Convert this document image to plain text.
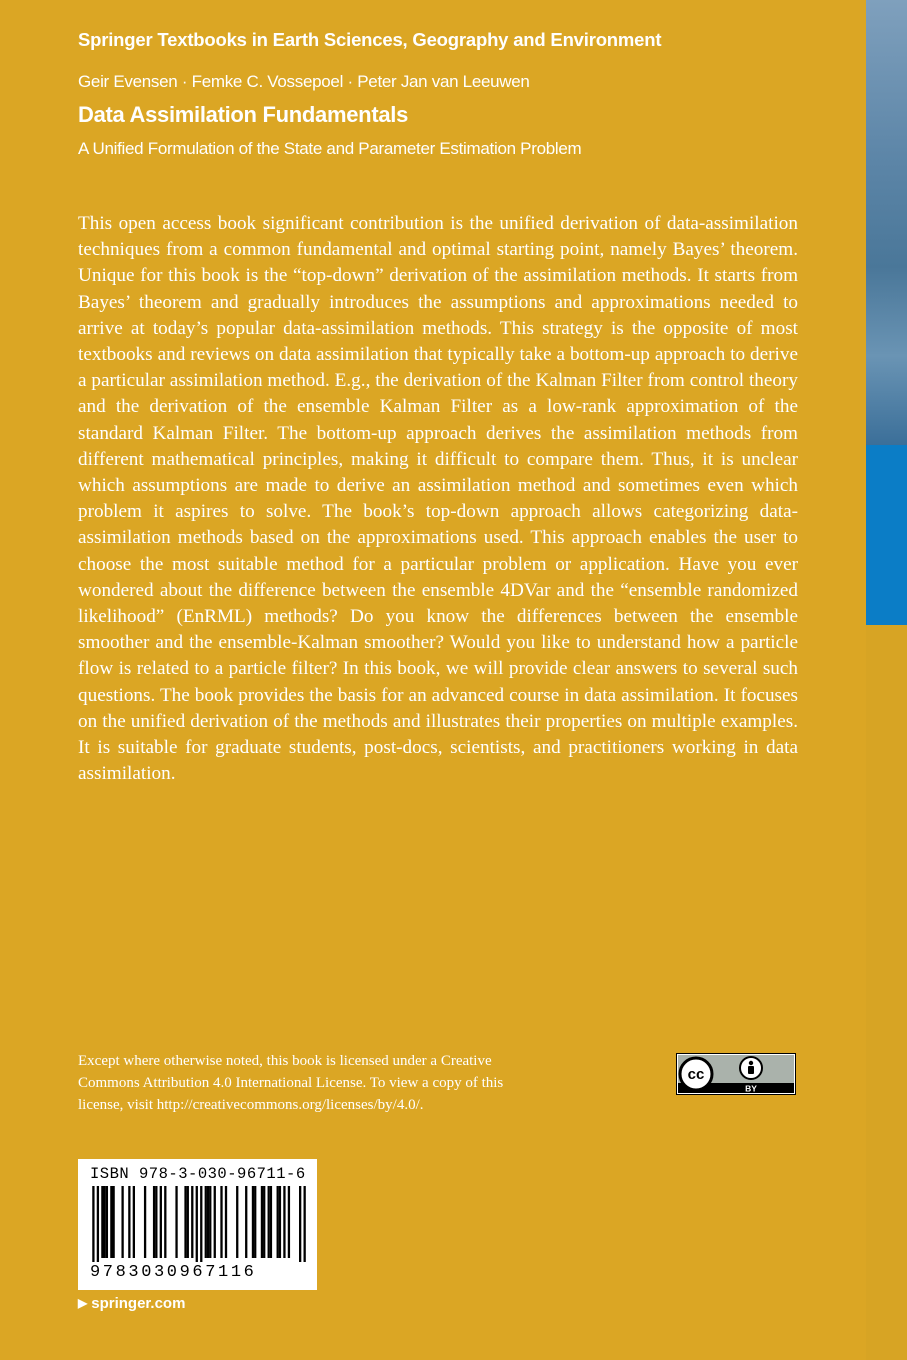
Springer Textbooks in Earth Sciences, Geography and Environment
Geir Evensen · Femke C. Vossepoel · Peter Jan van Leeuwen
Data Assimilation Fundamentals
A Unified Formulation of the State and Parameter Estimation Problem

This open access book significant contribution is the unified derivation of data-assimilation techniques from a common fundamental and optimal starting point, namely Bayes’ theorem. Unique for this book is the “top-down” derivation of the assimilation methods. It starts from Bayes’ theorem and gradually introduces the assumptions and approximations needed to arrive at today’s popular data-assimilation methods. This strategy is the opposite of most textbooks and reviews on data assimilation that typically take a bottom-up approach to derive a particular assimilation method. E.g., the derivation of the Kalman Filter from control theory and the derivation of the ensemble Kalman Filter as a low-rank approximation of the standard Kalman Filter. The bottom-up approach derives the assimilation methods from different mathematical principles, making it difficult to compare them. Thus, it is unclear which assumptions are made to derive an assimilation method and sometimes even which problem it aspires to solve. The book’s top-down approach allows categorizing data-assimilation methods based on the approximations used. This approach enables the user to choose the most suitable method for a particular problem or application. Have you ever wondered about the difference between the ensemble 4DVar and the “ensemble randomized likelihood” (EnRML) methods? Do you know the differences between the ensemble smoother and the ensemble-Kalman smoother? Would you like to understand how a particle flow is related to a particle filter? In this book, we will provide clear answers to several such questions. The book provides the basis for an advanced course in data assimilation. It focuses on the unified derivation of the methods and illustrates their properties on multiple examples. It is suitable for graduate students, post-docs, scientists, and practitioners working in data assimilation.

Except where otherwise noted, this book is licensed under a Creative Commons Attribution 4.0 International License. To view a copy of this license, visit http://creativecommons.org/licenses/by/4.0/.

cc
BY
ISBN 978-3-030-96711-6
9783030967116
▶ springer.com
